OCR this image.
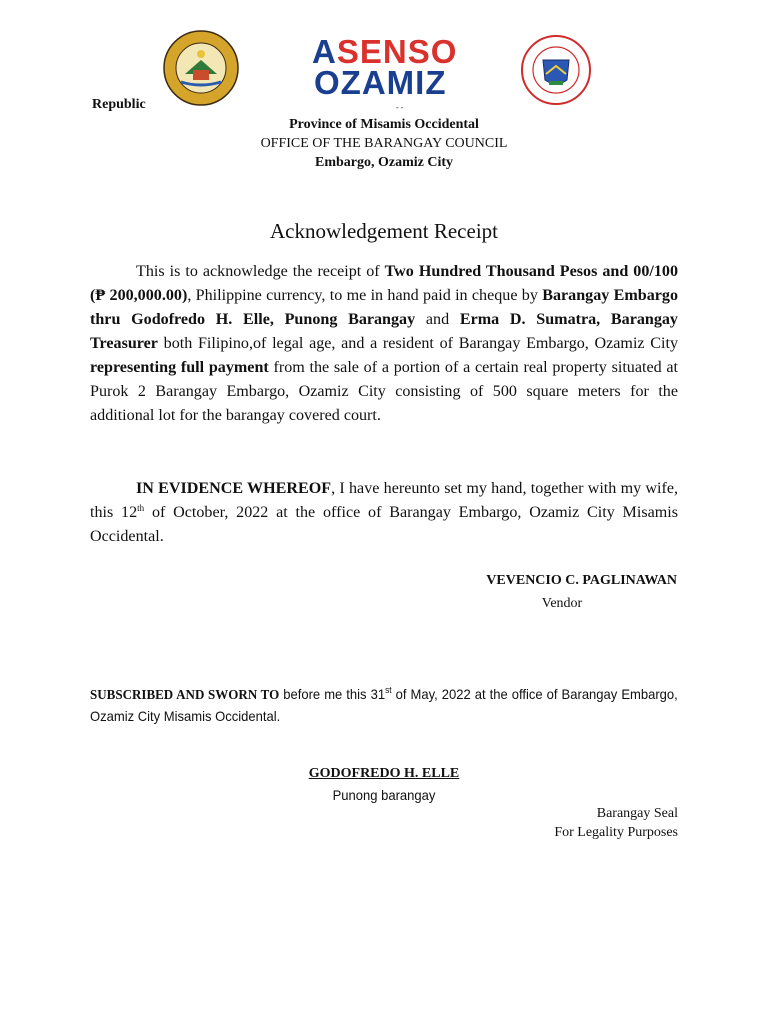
ASENSO
OZAMIZ
- -
Republic
Province of Misamis Occidental
OFFICE OF THE BARANGAY COUNCIL
Embargo, Ozamiz City
Acknowledgement Receipt
This is to acknowledge the receipt of Two Hundred Thousand Pesos and 00/100 (₱ 200,000.00), Philippine currency, to me in hand paid in cheque by Barangay Embargo thru Godofredo H. Elle, Punong Barangay and Erma D. Sumatra, Barangay Treasurer both Filipino,of legal age, and a resident of Barangay Embargo, Ozamiz City representing full payment from the sale of a portion of a certain real property situated at Purok 2 Barangay Embargo, Ozamiz City consisting of 500 square meters for the additional lot for the barangay covered court.
IN EVIDENCE WHEREOF, I have hereunto set my hand, together with my wife, this 12th of October, 2022 at the office of Barangay Embargo, Ozamiz City Misamis Occidental.
VEVENCIO C. PAGLINAWAN
Vendor
SUBSCRIBED AND SWORN TO before me this 31st of May, 2022 at the office of Barangay Embargo, Ozamiz City Misamis Occidental.
GODOFREDO H. ELLE
Punong barangay
Barangay Seal
For Legality Purposes
